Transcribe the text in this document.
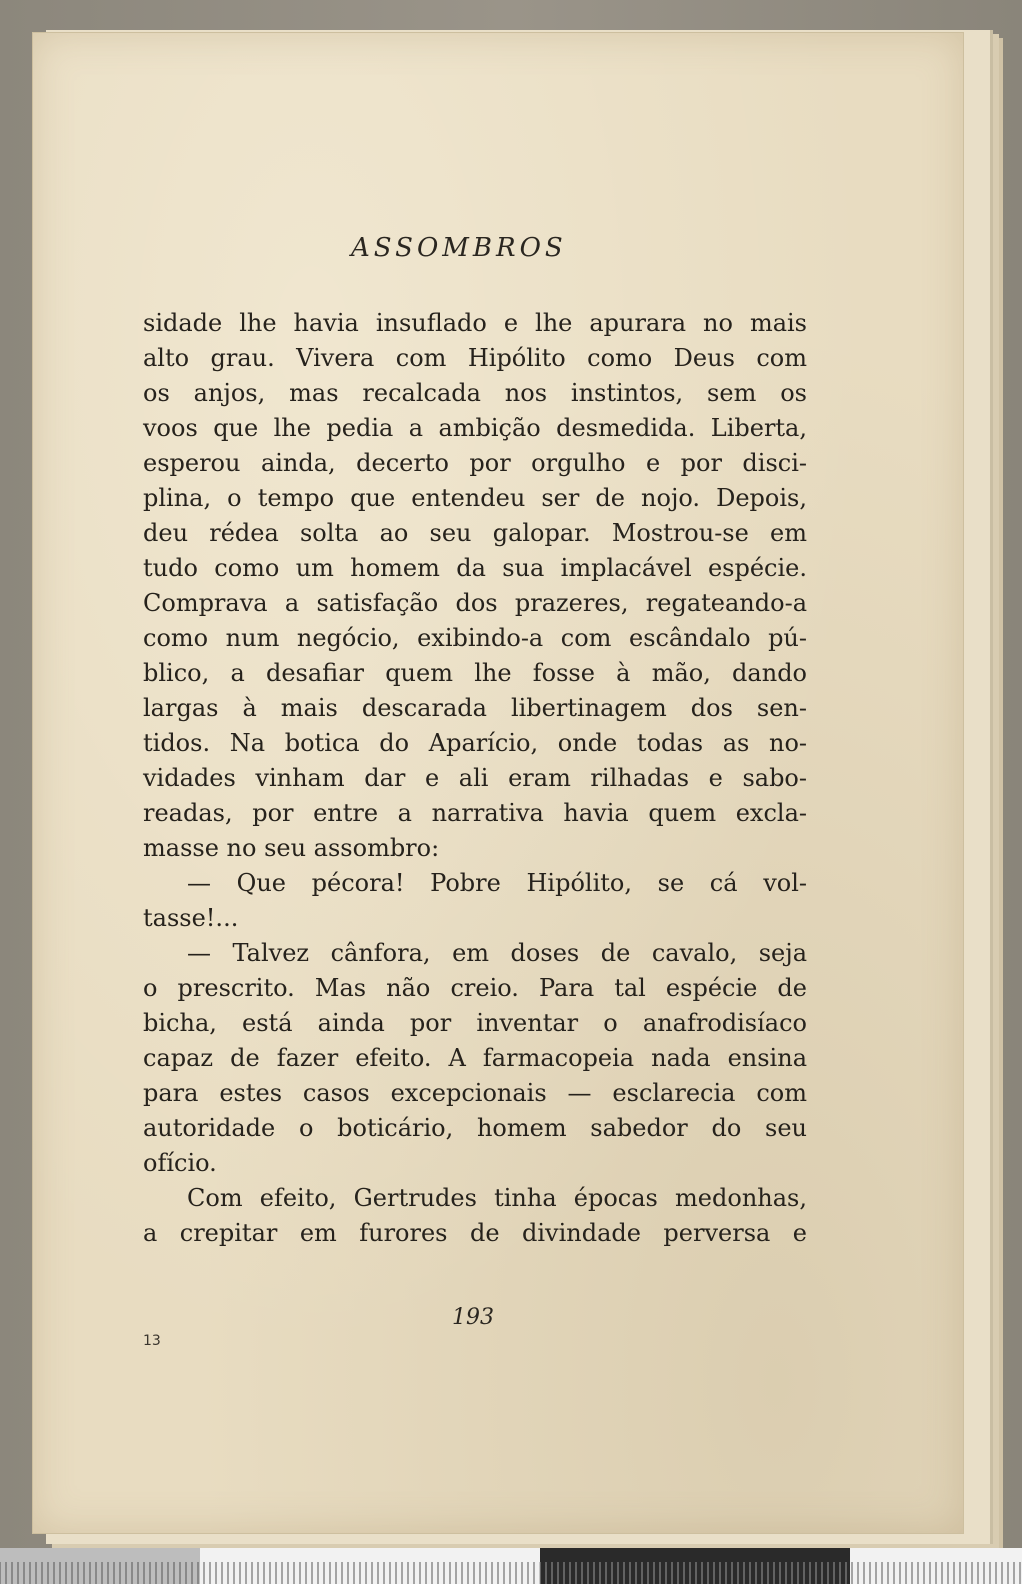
ASSOMBROS
sidade lhe havia insuflado e lhe apurara no mais
alto grau. Vivera com Hipólito como Deus com
os anjos, mas recalcada nos instintos, sem os
voos que lhe pedia a ambição desmedida. Liberta,
esperou ainda, decerto por orgulho e por disci-
plina, o tempo que entendeu ser de nojo. Depois,
deu rédea solta ao seu galopar. Mostrou-se em
tudo como um homem da sua implacável espécie.
Comprava a satisfação dos prazeres, regateando-a
como num negócio, exibindo-a com escândalo pú-
blico, a desafiar quem lhe fosse à mão, dando
largas à mais descarada libertinagem dos sen-
tidos. Na botica do Aparício, onde todas as no-
vidades vinham dar e ali eram rilhadas e sabo-
readas, por entre a narrativa havia quem excla-
masse no seu assombro:
— Que pécora! Pobre Hipólito, se cá vol-
tasse!...
— Talvez cânfora, em doses de cavalo, seja
o prescrito. Mas não creio. Para tal espécie de
bicha, está ainda por inventar o anafrodisíaco
capaz de fazer efeito. A farmacopeia nada ensina
para estes casos excepcionais — esclarecia com
autoridade o boticário, homem sabedor do seu
ofício.
Com efeito, Gertrudes tinha épocas medonhas,
a crepitar em furores de divindade perversa e
193
13
